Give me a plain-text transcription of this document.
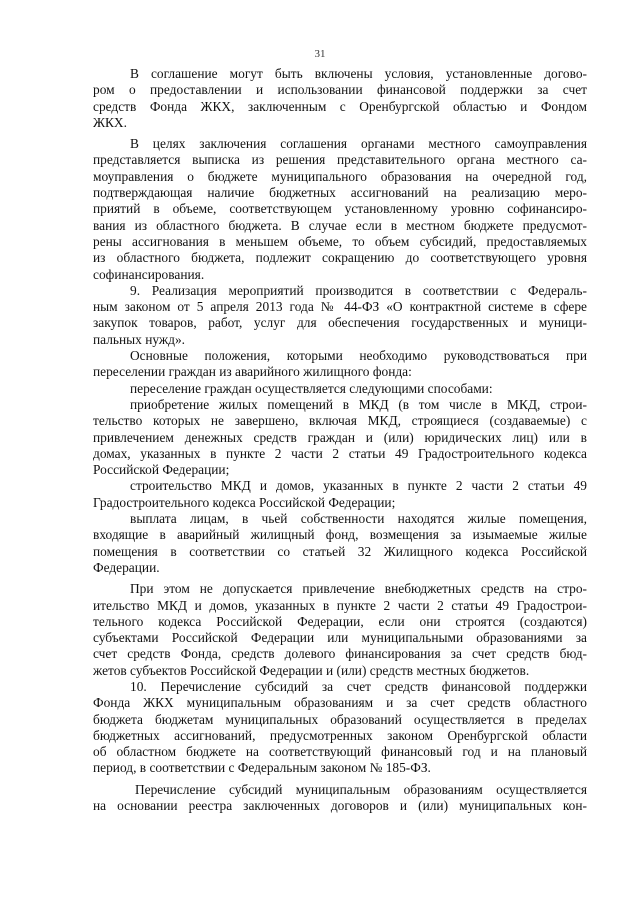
31
В соглашение могут быть включены условия, установленные догово-
ром о предоставлении и использовании финансовой поддержки за счет
средств Фонда ЖКХ, заключенным с Оренбургской областью и Фондом
ЖКХ.
В целях заключения соглашения органами местного самоуправления
представляется выписка из решения представительного органа местного са-
моуправления о бюджете муниципального образования на очередной год,
подтверждающая наличие бюджетных ассигнований на реализацию меро-
приятий в объеме, соответствующем установленному уровню софинансиро-
вания из областного бюджета. В случае если в местном бюджете предусмот-
рены ассигнования в меньшем объеме, то объем субсидий, предоставляемых
из областного бюджета, подлежит сокращению до соответствующего уровня
софинансирования.
9. Реализация мероприятий производится в соответствии с Федераль-
ным законом от 5 апреля 2013 года № 44-ФЗ «О контрактной системе в сфере
закупок товаров, работ, услуг для обеспечения государственных и муници-
пальных нужд».
Основные положения, которыми необходимо руководствоваться при
переселении граждан из аварийного жилищного фонда:
переселение граждан осуществляется следующими способами:
приобретение жилых помещений в МКД (в том числе в МКД, строи-
тельство которых не завершено, включая МКД, строящиеся (создаваемые) с
привлечением денежных средств граждан и (или) юридических лиц) или в
домах, указанных в пункте 2 части 2 статьи 49 Градостроительного кодекса
Российской Федерации;
строительство МКД и домов, указанных в пункте 2 части 2 статьи 49
Градостроительного кодекса Российской Федерации;
выплата лицам, в чьей собственности находятся жилые помещения,
входящие в аварийный жилищный фонд, возмещения за изымаемые жилые
помещения в соответствии со статьей 32 Жилищного кодекса Российской
Федерации.
При этом не допускается привлечение внебюджетных средств на стро-
ительство МКД и домов, указанных в пункте 2 части 2 статьи 49 Градострои-
тельного кодекса Российской Федерации, если они строятся (создаются)
субъектами Российской Федерации или муниципальными образованиями за
счет средств Фонда, средств долевого финансирования за счет средств бюд-
жетов субъектов Российской Федерации и (или) средств местных бюджетов.
10. Перечисление субсидий за счет средств финансовой поддержки
Фонда ЖКХ муниципальным образованиям и за счет средств областного
бюджета бюджетам муниципальных образований осуществляется в пределах
бюджетных ассигнований, предусмотренных законом Оренбургской области
об областном бюджете на соответствующий финансовый год и на плановый
период, в соответствии с Федеральным законом № 185-ФЗ.
Перечисление субсидий муниципальным образованиям осуществляется
на основании реестра заключенных договоров и (или) муниципальных кон-
